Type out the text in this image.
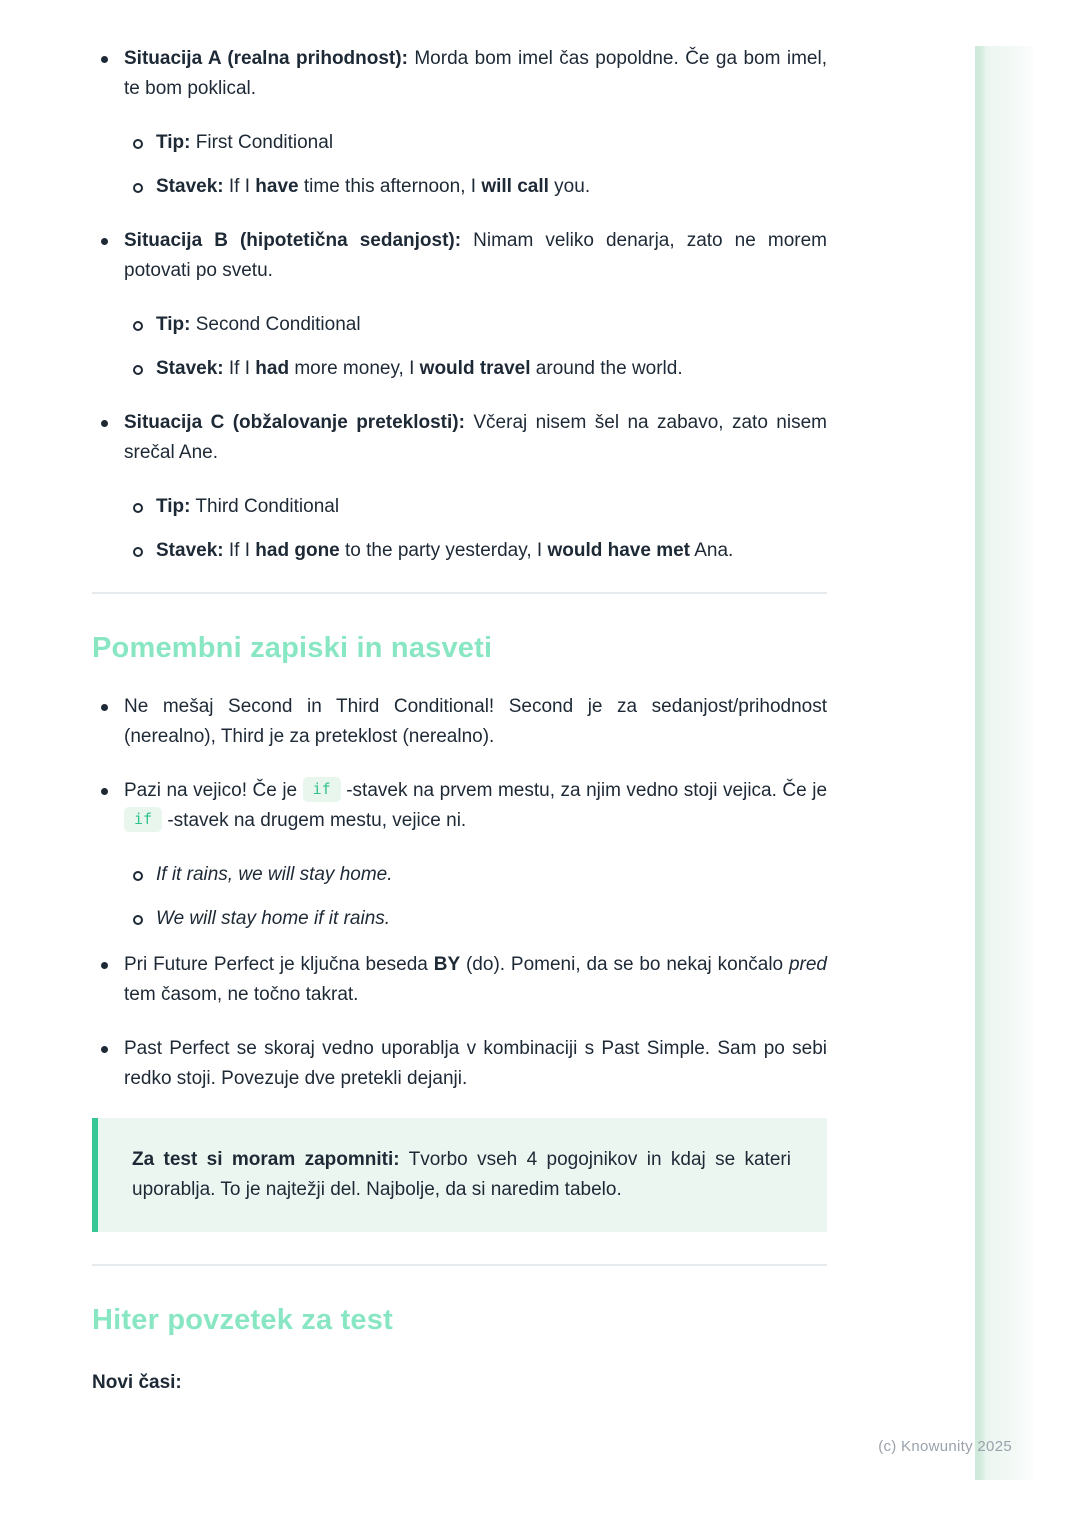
Situacija A (realna prihodnost): Morda bom imel čas popoldne. Če ga bom imel, te bom poklical.

Tip: First Conditional

Stavek: If I have time this afternoon, I will call you.

Situacija B (hipotetična sedanjost): Nimam veliko denarja, zato ne morem potovati po svetu.

Tip: Second Conditional

Stavek: If I had more money, I would travel around the world.

Situacija C (obžalovanje preteklosti): Včeraj nisem šel na zabavo, zato nisem srečal Ane.

Tip: Third Conditional

Stavek: If I had gone to the party yesterday, I would have met Ana.

Pomembni zapiski in nasveti

Ne mešaj Second in Third Conditional! Second je za sedanjost/prihodnost (nerealno), Third je za preteklost (nerealno).

Pazi na vejico! Če je if -stavek na prvem mestu, za njim vedno stoji vejica. Če je if -stavek na drugem mestu, vejice ni.

If it rains, we will stay home.

We will stay home if it rains.

Pri Future Perfect je ključna beseda BY (do). Pomeni, da se bo nekaj končalo pred tem časom, ne točno takrat.

Past Perfect se skoraj vedno uporablja v kombinaciji s Past Simple. Sam po sebi redko stoji. Povezuje dve pretekli dejanji.

Za test si moram zapomniti: Tvorbo vseh 4 pogojnikov in kdaj se kateri uporablja. To je najtežji del. Najbolje, da si naredim tabelo.

Hiter povzetek za test

Novi časi:

(c) Knowunity 2025
